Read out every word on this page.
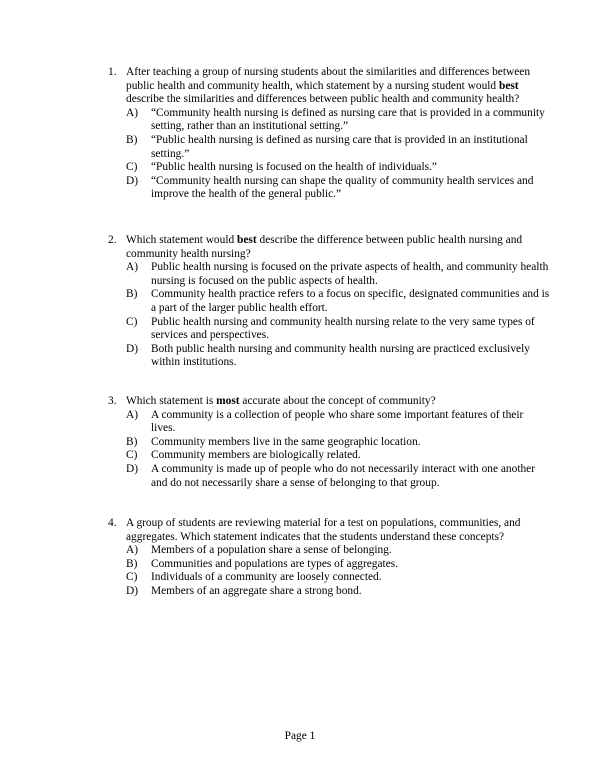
1. After teaching a group of nursing students about the similarities and differences between public health and community health, which statement by a nursing student would best describe the similarities and differences between public health and community health?
A) “Community health nursing is defined as nursing care that is provided in a community setting, rather than an institutional setting.”
B) “Public health nursing is defined as nursing care that is provided in an institutional setting.”
C) “Public health nursing is focused on the health of individuals.”
D) “Community health nursing can shape the quality of community health services and improve the health of the general public.”
2. Which statement would best describe the difference between public health nursing and community health nursing?
A) Public health nursing is focused on the private aspects of health, and community health nursing is focused on the public aspects of health.
B) Community health practice refers to a focus on specific, designated communities and is a part of the larger public health effort.
C) Public health nursing and community health nursing relate to the very same types of services and perspectives.
D) Both public health nursing and community health nursing are practiced exclusively within institutions.
3. Which statement is most accurate about the concept of community?
A) A community is a collection of people who share some important features of their lives.
B) Community members live in the same geographic location.
C) Community members are biologically related.
D) A community is made up of people who do not necessarily interact with one another and do not necessarily share a sense of belonging to that group.
4. A group of students are reviewing material for a test on populations, communities, and aggregates. Which statement indicates that the students understand these concepts?
A) Members of a population share a sense of belonging.
B) Communities and populations are types of aggregates.
C) Individuals of a community are loosely connected.
D) Members of an aggregate share a strong bond.
Page 1
